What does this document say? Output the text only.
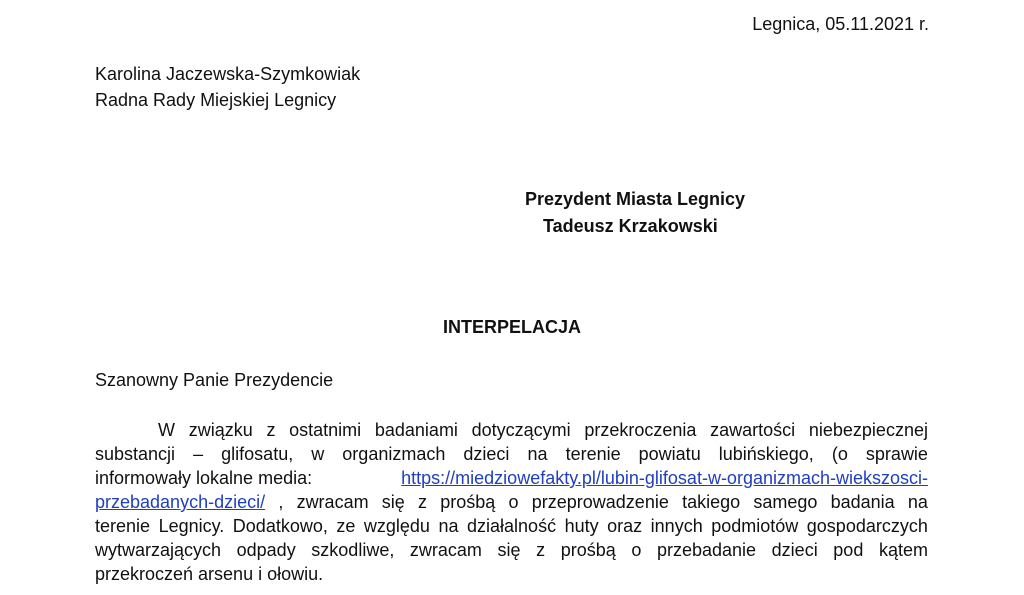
Legnica, 05.11.2021 r.
Karolina Jaczewska-Szymkowiak
Radna Rady Miejskiej Legnicy
Prezydent Miasta Legnicy
Tadeusz Krzakowski
INTERPELACJA
Szanowny Panie Prezydencie
W związku z ostatnimi badaniami dotyczącymi przekroczenia zawartości niebezpiecznej
substancji – glifosatu, w organizmach dzieci na terenie powiatu lubińskiego, (o sprawie
informowały lokalne media:	https://miedziowefakty.pl/lubin-glifosat-w-organizmach-wiekszosci-
przebadanych-dzieci/ , zwracam się z prośbą o przeprowadzenie takiego samego badania na
terenie Legnicy. Dodatkowo, ze względu na działalność huty oraz innych podmiotów gospodarczych
wytwarzających odpady szkodliwe, zwracam się z prośbą o przebadanie dzieci pod kątem
przekroczeń arsenu i ołowiu.
